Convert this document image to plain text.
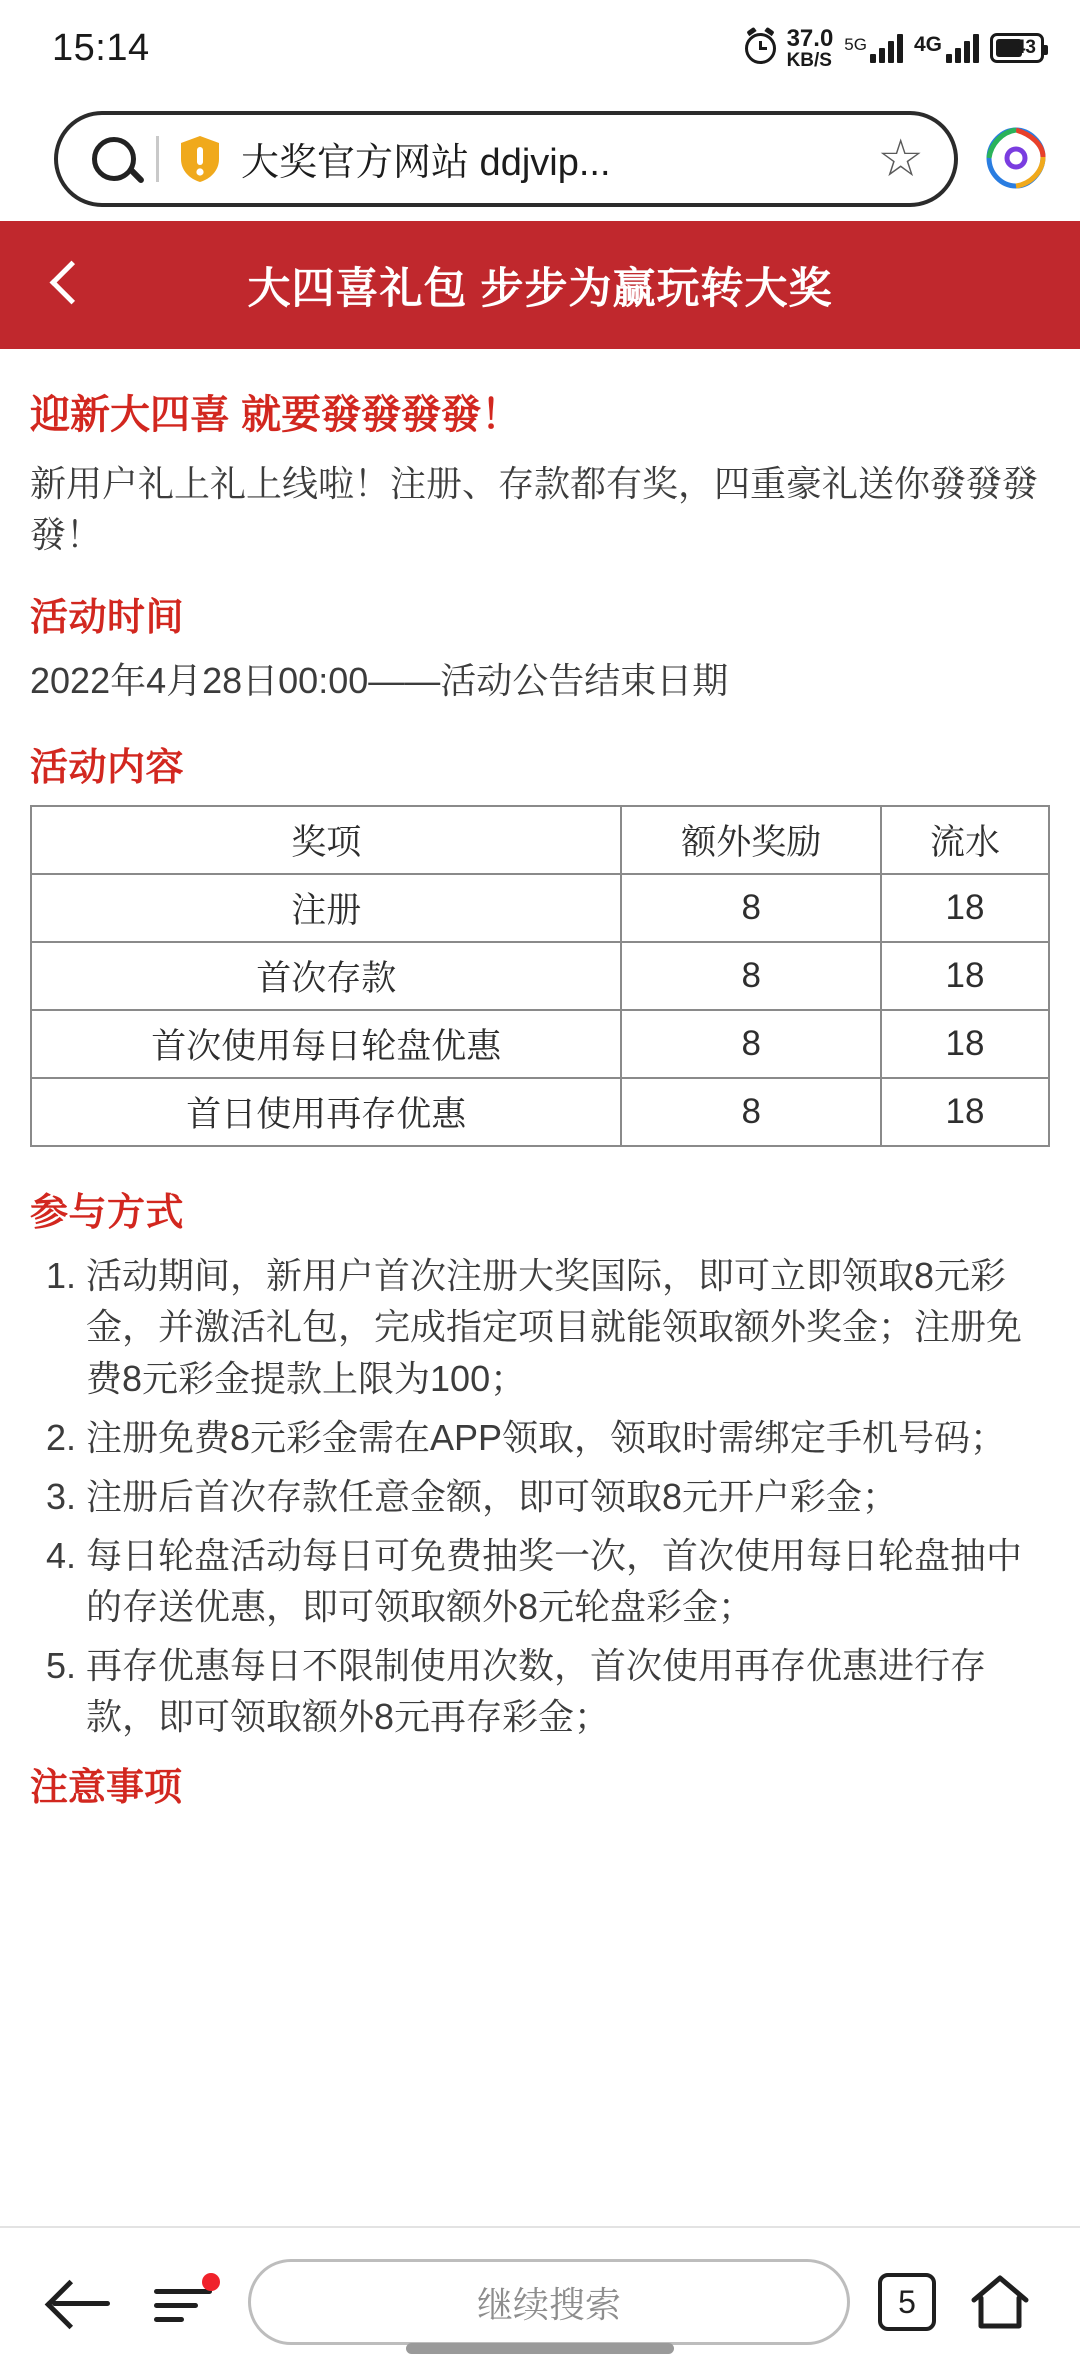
15:14	37.0
KB/S
5G 4G	43
大奖官方网站 ddjvip...	☆
大四喜礼包 步步为赢玩转大奖
迎新大四喜 就要發發發發！

新用户礼上礼上线啦！注册、存款都有奖，四重豪礼送你發發發發！

活动时间

2022年4月28日00:00——活动公告结束日期

活动内容
奖项	额外奖励	流水
注册	8	18
首次存款	8	18
首次使用每日轮盘优惠	8	18
首日使用再存优惠	8	18
参与方式
1. 活动期间，新用户首次注册大奖国际，即可立即领取8元彩金，并激活礼包，完成指定项目就能领取额外奖金；注册免费8元彩金提款上限为100；
2. 注册免费8元彩金需在APP领取，领取时需绑定手机号码；
3. 注册后首次存款任意金额，即可领取8元开户彩金；
4. 每日轮盘活动每日可免费抽奖一次，首次使用每日轮盘抽中的存送优惠，即可领取额外8元轮盘彩金；
5. 再存优惠每日不限制使用次数，首次使用再存优惠进行存款，即可领取额外8元再存彩金；
注意事项
继续搜索	5
